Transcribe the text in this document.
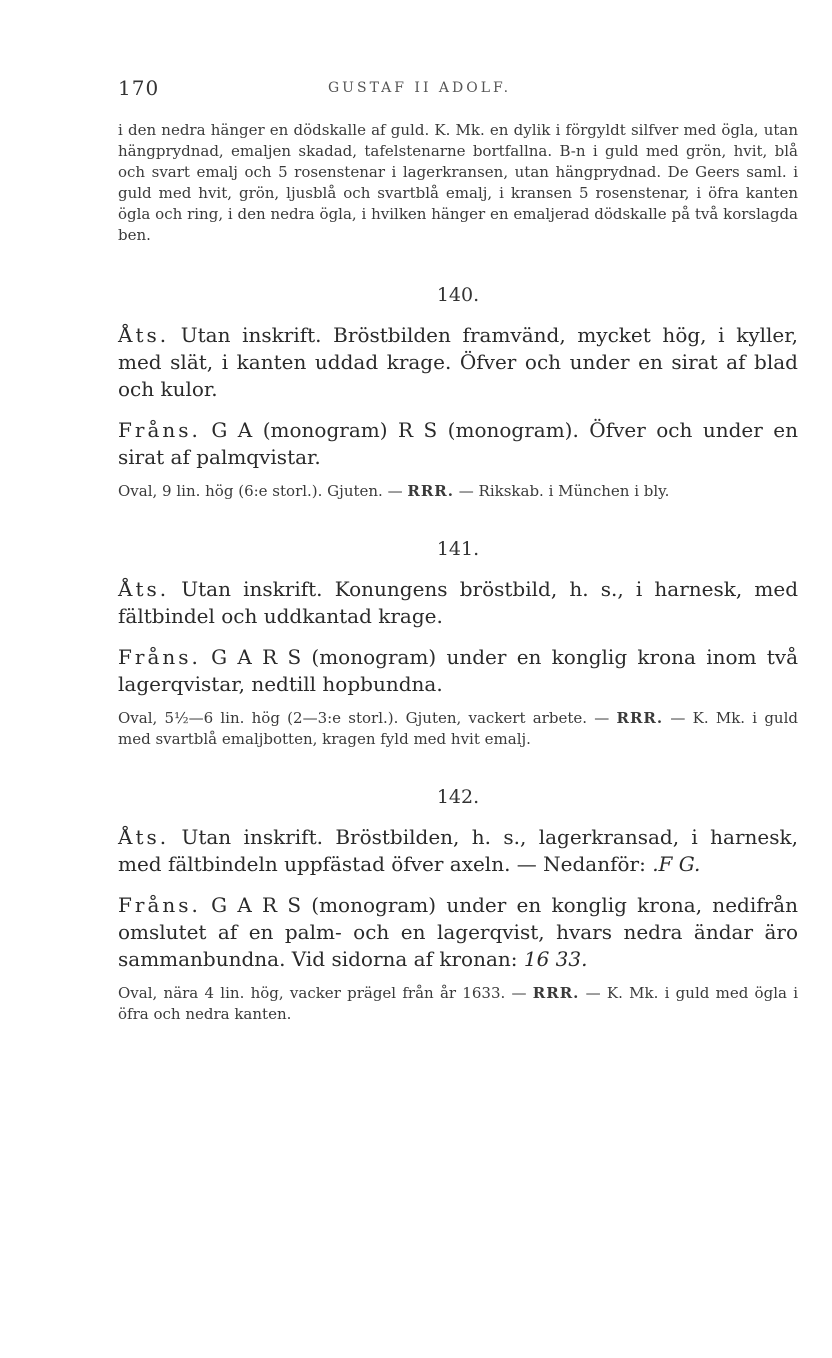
170	GUSTAF II ADOLF.

i den nedra hänger en dödskalle af guld. K. Mk. en dylik i förgyldt silfver med ögla, utan hängprydnad, emaljen skadad, tafelstenarne bortfallna. B-n i guld med grön, hvit, blå och svart emalj och 5 rosenstenar i lagerkransen, utan hängprydnad. De Geers saml. i guld med hvit, grön, ljusblå och svartblå emalj, i kransen 5 rosenstenar, i öfra kanten ögla och ring, i den nedra ögla, i hvilken hänger en emaljerad dödskalle på två korslagda ben.

140.

Åts. Utan inskrift. Bröstbilden framvänd, mycket hög, i kyller, med slät, i kanten uddad krage. Öfver och under en sirat af blad och kulor.

Fråns. G A (monogram) R S (monogram). Öfver och under en sirat af palmqvistar.

Oval, 9 lin. hög (6:e storl.). Gjuten. — RRR. — Rikskab. i München i bly.

141.

Åts. Utan inskrift. Konungens bröstbild, h. s., i harnesk, med fältbindel och uddkantad krage.

Fråns. G A R S (monogram) under en konglig krona inom två lagerqvistar, nedtill hopbundna.

Oval, 5½—6 lin. hög (2—3:e storl.). Gjuten, vackert arbete. — RRR. — K. Mk. i guld med svartblå emaljbotten, kragen fyld med hvit emalj.

142.

Åts. Utan inskrift. Bröstbilden, h. s., lagerkransad, i harnesk, med fältbindeln uppfästad öfver axeln. — Nedanför: .F G.

Fråns. G A R S (monogram) under en konglig krona, nedifrån omslutet af en palm- och en lagerqvist, hvars nedra ändar äro sammanbundna. Vid sidorna af kronan: 16 33.

Oval, nära 4 lin. hög, vacker prägel från år 1633. — RRR. — K. Mk. i guld med ögla i öfra och nedra kanten.
